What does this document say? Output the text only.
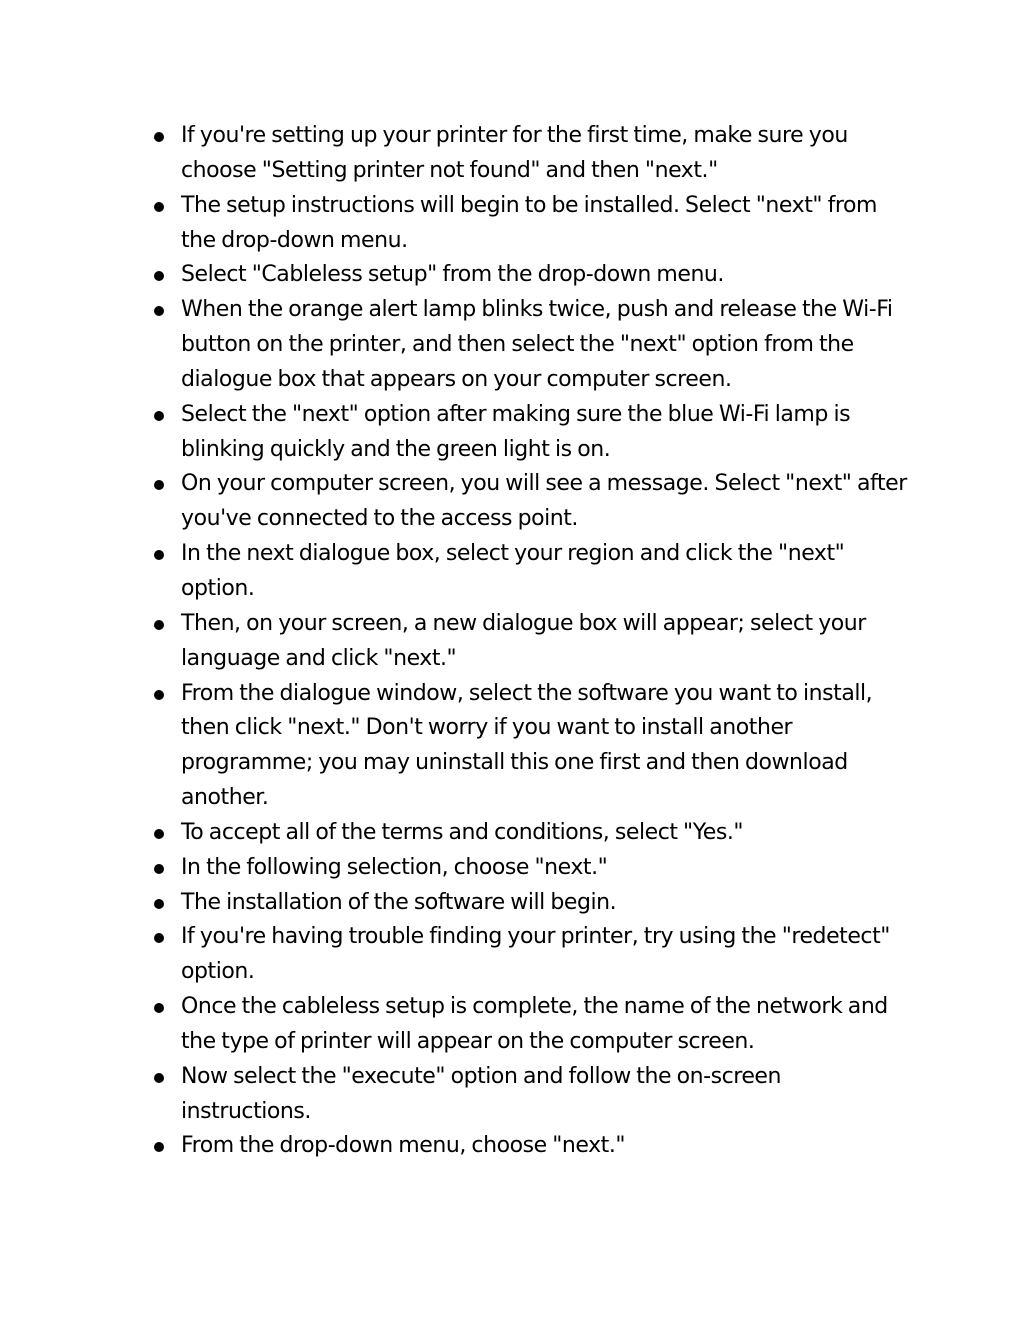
If you're setting up your printer for the first time, make sure you choose "Setting printer not found" and then "next."
The setup instructions will begin to be installed. Select "next" from the drop-down menu.
Select "Cableless setup" from the drop-down menu.
When the orange alert lamp blinks twice, push and release the Wi-Fi button on the printer, and then select the "next" option from the dialogue box that appears on your computer screen.
Select the "next" option after making sure the blue Wi-Fi lamp is blinking quickly and the green light is on.
On your computer screen, you will see a message. Select "next" after you've connected to the access point.
In the next dialogue box, select your region and click the "next" option.
Then, on your screen, a new dialogue box will appear; select your language and click "next."
From the dialogue window, select the software you want to install, then click "next." Don't worry if you want to install another programme; you may uninstall this one first and then download another.
To accept all of the terms and conditions, select "Yes."
In the following selection, choose "next."
The installation of the software will begin.
If you're having trouble finding your printer, try using the "redetect" option.
Once the cableless setup is complete, the name of the network and the type of printer will appear on the computer screen.
Now select the "execute" option and follow the on-screen instructions.
From the drop-down menu, choose "next."
